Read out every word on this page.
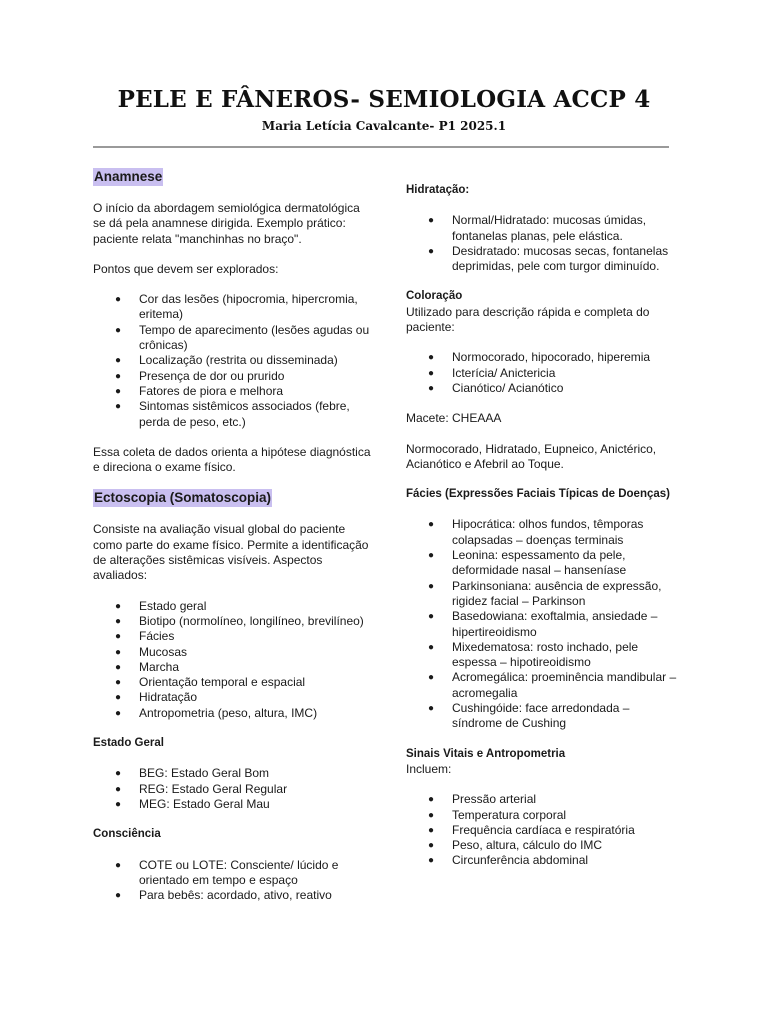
PELE E FÂNEROS- SEMIOLOGIA ACCP 4
Maria Letícia Cavalcante- P1 2025.1
Anamnese

O início da abordagem semiológica dermatológica se dá pela anamnese dirigida. Exemplo prático: paciente relata "manchinhas no braço".

Pontos que devem ser explorados:

● Cor das lesões (hipocromia, hipercromia, eritema)
● Tempo de aparecimento (lesões agudas ou crônicas)
● Localização (restrita ou disseminada)
● Presença de dor ou prurido
● Fatores de piora e melhora
● Sintomas sistêmicos associados (febre, perda de peso, etc.)

Essa coleta de dados orienta a hipótese diagnóstica e direciona o exame físico.

Ectoscopia (Somatoscopia)

Consiste na avaliação visual global do paciente como parte do exame físico. Permite a identificação de alterações sistêmicas visíveis. Aspectos avaliados:

● Estado geral
● Biotipo (normolíneo, longilíneo, brevilíneo)
● Fácies
● Mucosas
● Marcha
● Orientação temporal e espacial
● Hidratação
● Antropometria (peso, altura, IMC)
Estado Geral
● BEG: Estado Geral Bom
● REG: Estado Geral Regular
● MEG: Estado Geral Mau
Consciência
● COTE ou LOTE: Consciente/ lúcido e orientado em tempo e espaço
● Para bebês: acordado, ativo, reativo
Hidratação:
● Normal/Hidratado: mucosas úmidas, fontanelas planas, pele elástica.
● Desidratado: mucosas secas, fontanelas deprimidas, pele com turgor diminuído.
Coloração

Utilizado para descrição rápida e completa do paciente:

● Normocorado, hipocorado, hiperemia
● Icterícia/ Anictericia
● Cianótico/ Acianótico

Macete: CHEAAA

Normocorado, Hidratado, Eupneico, Anictérico, Acianótico e Afebril ao Toque.

Fácies (Expressões Faciais Típicas de Doenças)
● Hipocrática: olhos fundos, têmporas colapsadas – doenças terminais
● Leonina: espessamento da pele, deformidade nasal – hanseníase
● Parkinsoniana: ausência de expressão, rigidez facial – Parkinson
● Basedowiana: exoftalmia, ansiedade – hipertireoidismo
● Mixedematosa: rosto inchado, pele espessa – hipotireoidismo
● Acromegálica: proeminência mandibular – acromegalia
● Cushingóide: face arredondada – síndrome de Cushing
Sinais Vitais e Antropometria

Incluem:

● Pressão arterial
● Temperatura corporal
● Frequência cardíaca e respiratória
● Peso, altura, cálculo do IMC
● Circunferência abdominal
